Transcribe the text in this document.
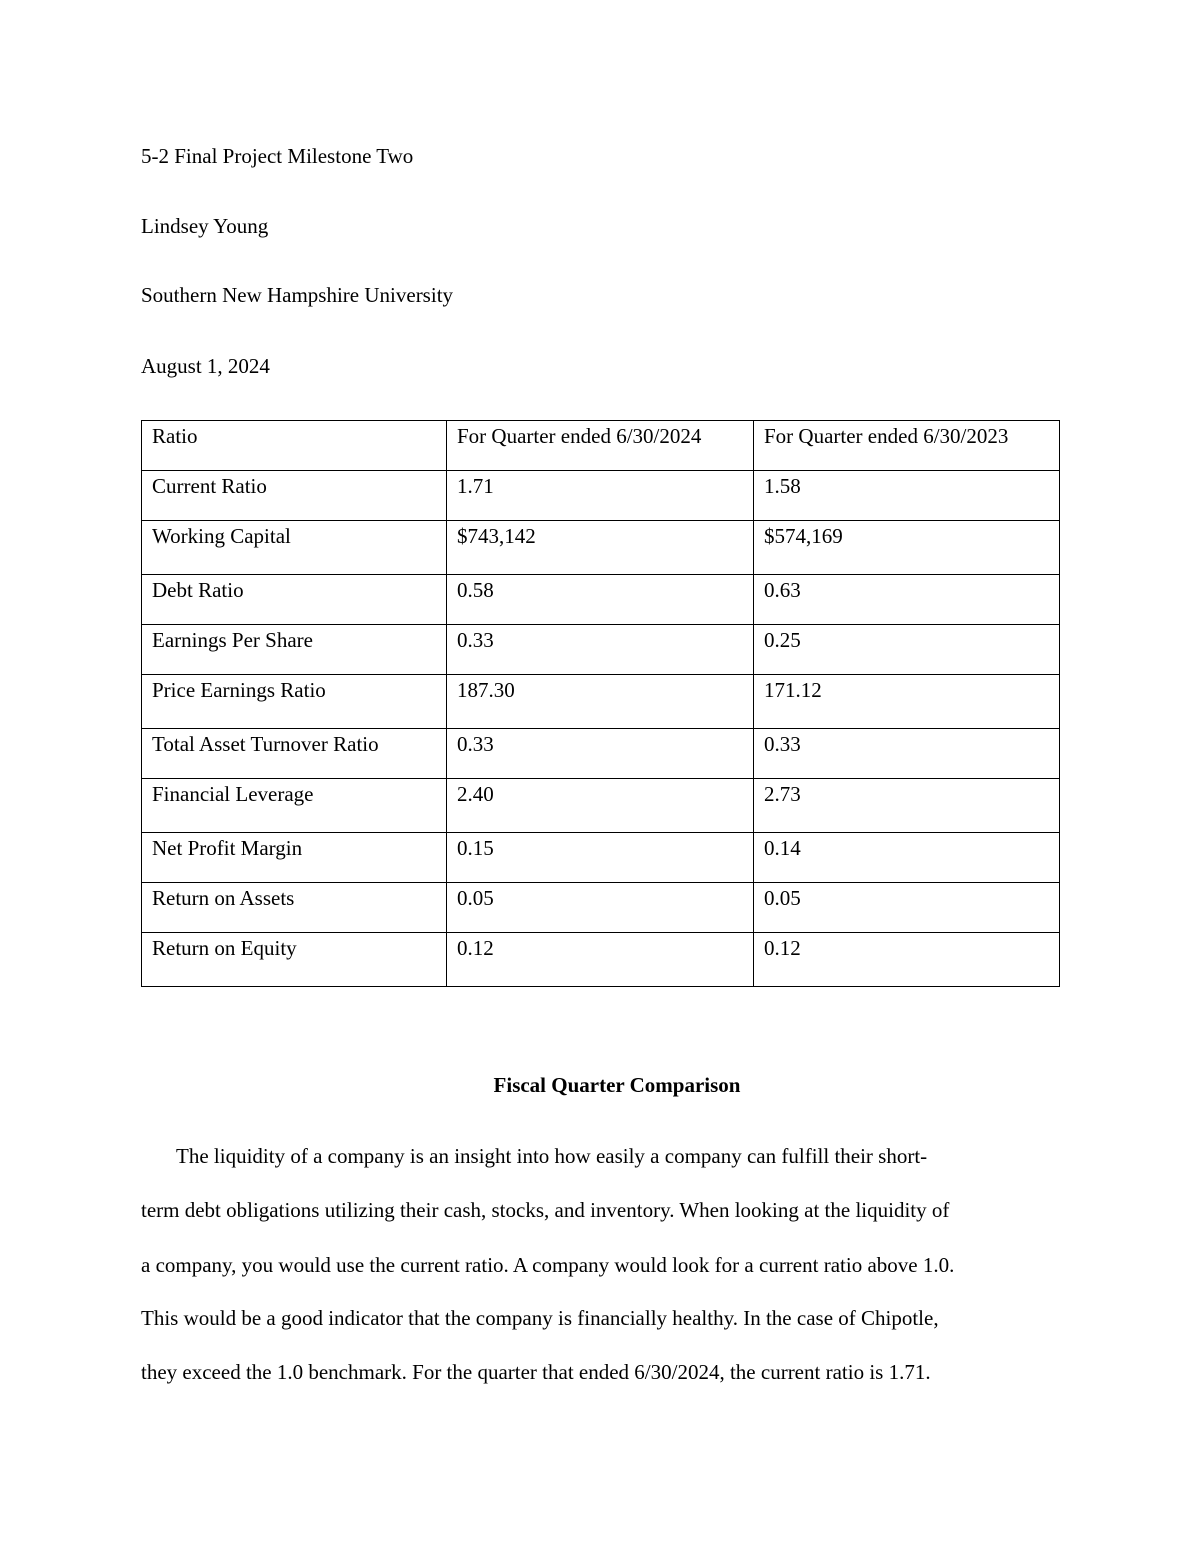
5-2 Final Project Milestone Two
Lindsey Young
Southern New Hampshire University
August 1, 2024
Ratio	For Quarter ended 6/30/2024	For Quarter ended 6/30/2023

Current Ratio	1.71	1.58

Working Capital	$743,142	$574,169

Debt Ratio	0.58	0.63

Earnings Per Share	0.33	0.25

Price Earnings Ratio	187.30	171.12

Total Asset Turnover Ratio	0.33	0.33

Financial Leverage	2.40	2.73

Net Profit Margin	0.15	0.14

Return on Assets	0.05	0.05

Return on Equity	0.12	0.12
Fiscal Quarter Comparison
The liquidity of a company is an insight into how easily a company can fulfill their short-
term debt obligations utilizing their cash, stocks, and inventory. When looking at the liquidity of
a company, you would use the current ratio. A company would look for a current ratio above 1.0.
This would be a good indicator that the company is financially healthy. In the case of Chipotle,
they exceed the 1.0 benchmark. For the quarter that ended 6/30/2024, the current ratio is 1.71.
